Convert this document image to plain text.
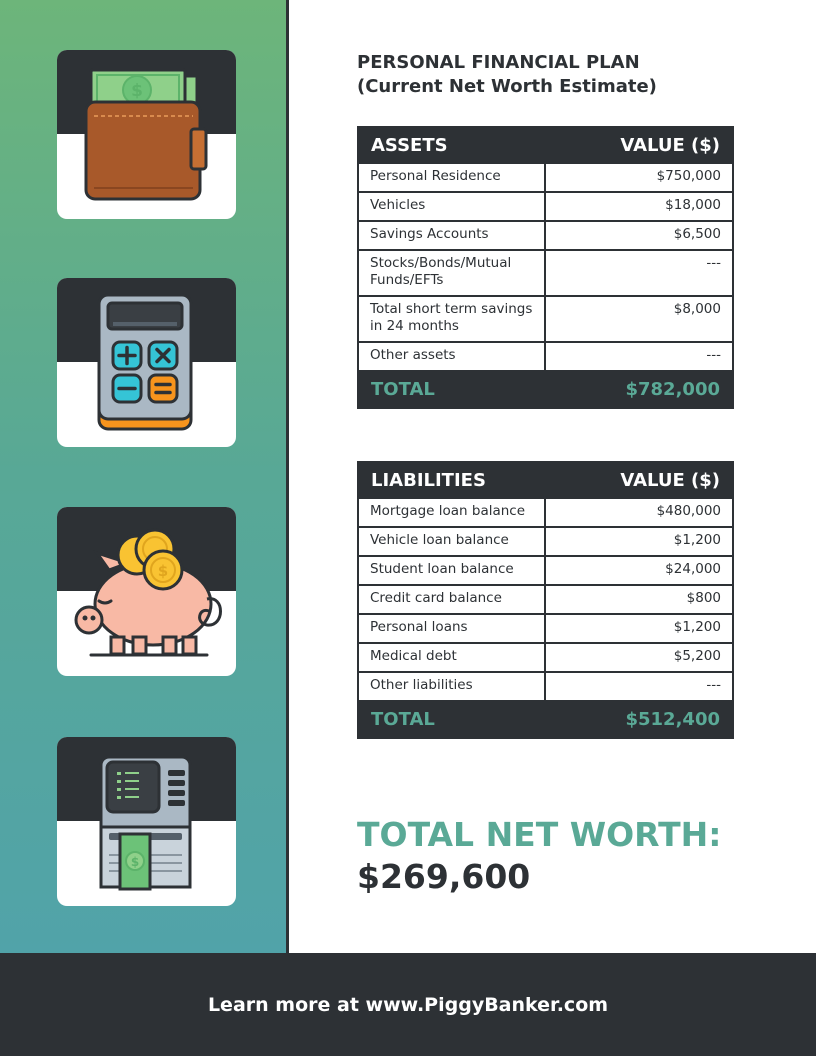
$
$
$
PERSONAL FINANCIAL PLAN
(Current Net Worth Estimate)
ASSETS	VALUE ($)
Personal Residence	$750,000
Vehicles	$18,000
Savings Accounts	$6,500
Stocks/Bonds/Mutual Funds/EFTs	---
Total short term savings in 24 months	$8,000
Other assets	---
TOTAL	$782,000
LIABILITIES	VALUE ($)
Mortgage loan balance	$480,000
Vehicle loan balance	$1,200
Student loan balance	$24,000
Credit card balance	$800
Personal loans	$1,200
Medical debt	$5,200
Other liabilities	---
TOTAL	$512,400
TOTAL NET WORTH:
$269,600
Learn more at www.PiggyBanker.com
